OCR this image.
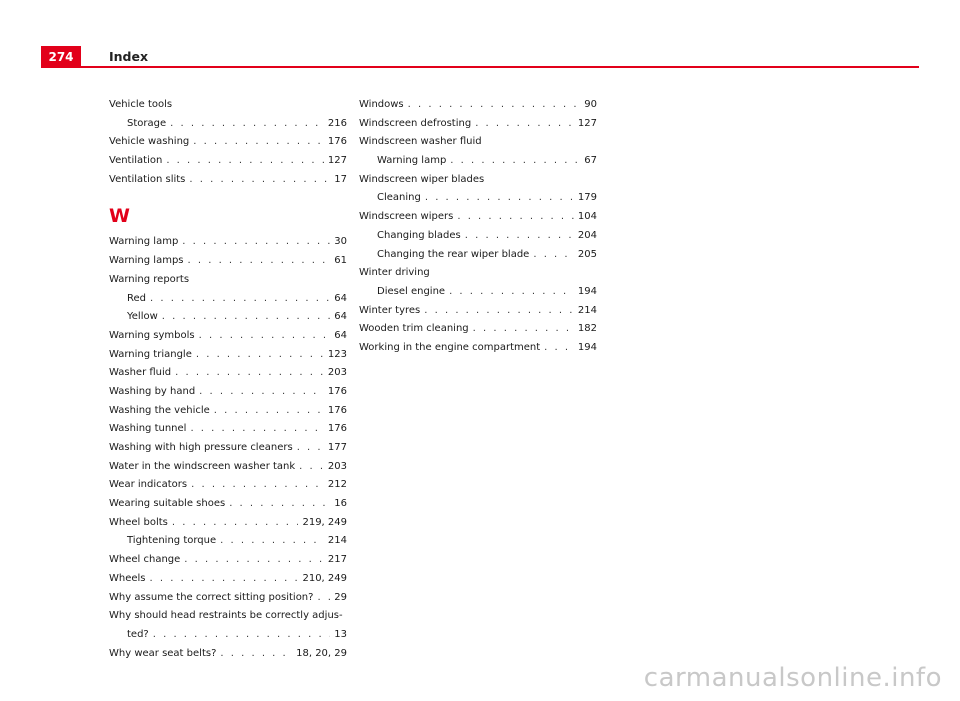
274	Index
Vehicle tools
Storage . . .	216
Vehicle washing . . .	176
Ventilation . . .	127
Ventilation slits . . .	17
W
Warning lamp . . .	30
Warning lamps . . .	61
Warning reports
Red . . .	64
Yellow . . .	64
Warning symbols . . .	64
Warning triangle . . .	123
Washer fluid . . .	203
Washing by hand . . .	176
Washing the vehicle . . .	176
Washing tunnel . . .	176
Washing with high pressure cleaners . . .	177
Water in the windscreen washer tank . . .	203
Wear indicators . . .	212
Wearing suitable shoes . . .	16
Wheel bolts . . .	219, 249
Tightening torque . . .	214
Wheel change . . .	217
Wheels . . .	210, 249
Why assume the correct sitting position? . . . 29
Why should head restraints be correctly adjus-
ted? . . .	13
Why wear seat belts? . . .	18, 20, 29
Windows . . .	90
Windscreen defrosting . . .	127
Windscreen washer fluid
Warning lamp . . .	67
Windscreen wiper blades
Cleaning . . .	179
Windscreen wipers . . .	104
Changing blades . . .	204
Changing the rear wiper blade . . .	205
Winter driving
Diesel engine . . .	194
Winter tyres . . .	214
Wooden trim cleaning . . .	182
Working in the engine compartment . . .	194
carmanualsonline.info
